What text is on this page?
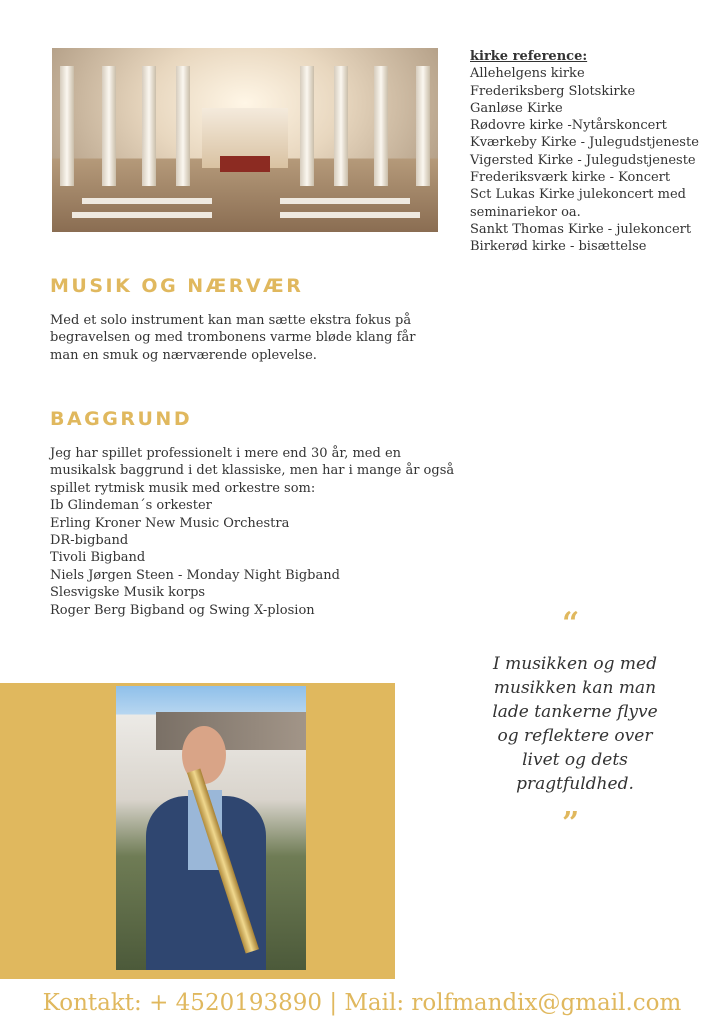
kirke reference:
Allehelgens kirke
Frederiksberg Slotskirke
Ganløse Kirke
Rødovre kirke -Nytårskoncert
Kværkeby Kirke - Julegudstjeneste
Vigersted Kirke - Julegudstjeneste
Frederiksværk kirke - Koncert
Sct Lukas Kirke julekoncert med
seminariekor oa.
Sankt Thomas Kirke - julekoncert
Birkerød kirke - bisættelse
MUSIK OG NÆRVÆR
Med et solo instrument kan man sætte ekstra fokus på begravelsen og med trombonens varme bløde klang får man en smuk og nærværende oplevelse.
BAGGRUND
Jeg har spillet professionelt i mere end 30 år, med en
musikalsk baggrund i det klassiske, men har i mange år også
spillet rytmisk musik med orkestre som:
Ib Glindeman´s orkester
Erling Kroner New Music Orchestra
DR-bigband
Tivoli Bigband
Niels Jørgen Steen - Monday Night Bigband
Slesvigske Musik korps
Roger Berg Bigband og Swing X-plosion	“
I musikken og med musikken kan man lade tankerne flyve og reflektere over livet og dets pragtfuldhed.
”
Kontakt: + 4520193890 | Mail: rolfmandix@gmail.com
